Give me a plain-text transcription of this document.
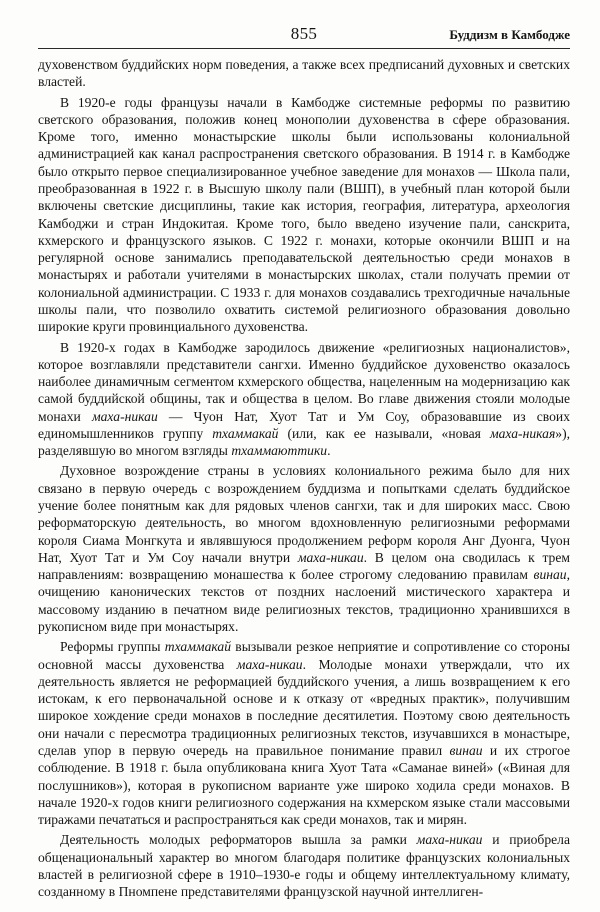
855	Буддизм в Камбодже

духовенством буддийских норм поведения, а также всех предписаний духовных и светских властей.

В 1920-е годы французы начали в Камбодже системные реформы по развитию светского образования, положив конец монополии духовенства в сфере образования. Кроме того, именно монастырские школы были использованы колониальной администрацией как канал распространения светского образования. В 1914 г. в Камбодже было открыто первое специализированное учебное заведение для монахов — Школа пали, преобразованная в 1922 г. в Высшую школу пали (ВШП), в учебный план которой были включены светские дисциплины, такие как история, география, литература, археология Камбоджи и стран Индокитая. Кроме того, было введено изучение пали, санскрита, кхмерского и французского языков. С 1922 г. монахи, которые окончили ВШП и на регулярной основе занимались преподавательской деятельностью среди монахов в монастырях и работали учителями в монастырских школах, стали получать премии от колониальной администрации. С 1933 г. для монахов создавались трехгодичные начальные школы пали, что позволило охватить системой религиозного образования довольно широкие круги провинциального духовенства.

В 1920-х годах в Камбодже зародилось движение «религиозных националистов», которое возглавляли представители сангхи. Именно буддийское духовенство оказалось наиболее динамичным сегментом кхмерского общества, нацеленным на модернизацию как самой буддийской общины, так и общества в целом. Во главе движения стояли молодые монахи маха-никаи — Чуон Нат, Хуот Тат и Ум Соу, образовавшие из своих единомышленников группу тхаммакай (или, как ее называли, «новая маха-никая»), разделявшую во многом взгляды тхаммаюттики.

Духовное возрождение страны в условиях колониального режима было для них связано в первую очередь с возрождением буддизма и попытками сделать буддийское учение более понятным как для рядовых членов сангхи, так и для широких масс. Свою реформаторскую деятельность, во многом вдохновленную религиозными реформами короля Сиама Монгкута и являвшуюся продолжением реформ короля Анг Дуонга, Чуон Нат, Хуот Тат и Ум Соу начали внутри маха-никаи. В целом она сводилась к трем направлениям: возвращению монашества к более строгому следованию правилам винаи, очищению канонических текстов от поздних наслоений мистического характера и массовому изданию в печатном виде религиозных текстов, традиционно хранившихся в рукописном виде при монастырях.

Реформы группы тхаммакай вызывали резкое неприятие и сопротивление со стороны основной массы духовенства маха-никаи. Молодые монахи утверждали, что их деятельность является не реформацией буддийского учения, а лишь возвращением к его истокам, к его первоначальной основе и к отказу от «вредных практик», получившим широкое хождение среди монахов в последние десятилетия. Поэтому свою деятельность они начали с пересмотра традиционных религиозных текстов, изучавшихся в монастыре, сделав упор в первую очередь на правильное понимание правил винаи и их строгое соблюдение. В 1918 г. была опубликована книга Хуот Тата «Саманае виней» («Виная для послушников»), которая в рукописном варианте уже широко ходила среди монахов. В начале 1920-х годов книги религиозного содержания на кхмерском языке стали массовыми тиражами печататься и распространяться как среди монахов, так и мирян.

Деятельность молодых реформаторов вышла за рамки маха-никаи и приобрела общенациональный характер во многом благодаря политике французских колониальных властей в религиозной сфере в 1910–1930-е годы и общему интеллектуальному климату, созданному в Пномпене представителями французской научной интеллиген-
